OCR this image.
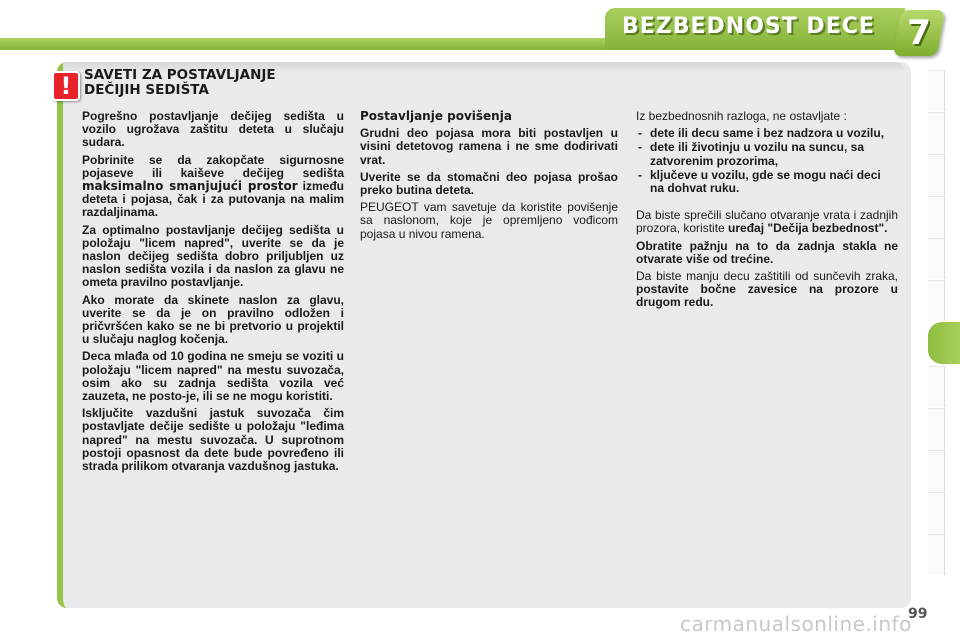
BEZBEDNOST DECE 7
! SAVETI ZA POSTAVLJANJE
DEČIJIH SEDIŠTA

Pogrešno postavljanje dečijeg sedišta u vozilo ugrožava zaštitu deteta u slučaju sudara.

Pobrinite se da zakopčate sigurnosne pojaseve ili kaiševe dečijeg sedišta maksimalno smanjujući prostor između deteta i pojasa, čak i za putovanja na malim razdaljinama.

Za optimalno postavljanje dečijeg sedišta u položaju "licem napred", uverite se da je naslon dečijeg sedišta dobro priljubljen uz naslon sedišta vozila i da naslon za glavu ne ometa pravilno postavljanje.

Ako morate da skinete naslon za glavu, uverite se da je on pravilno odložen i pričvršćen kako se ne bi pretvorio u projektil u slučaju naglog kočenja.

Deca mlađa od 10 godina ne smeju se voziti u položaju "licem napred" na mestu suvozača, osim ako su zadnja sedišta vozila već zauzeta, ne posto-je, ili se ne mogu koristiti.

Isključite vazdušni jastuk suvozača čim postavljate dečije sedište u položaju "leđima napred" na mestu suvozača. U suprotnom postoji opasnost da dete bude povređeno ili strada prilikom otvaranja vazdušnog jastuka.

Postavljanje povišenja

Grudni deo pojasa mora biti postavljen u visini detetovog ramena i ne sme dodirivati vrat.

Uverite se da stomačni deo pojasa prošao preko butina deteta.

PEUGEOT vam savetuje da koristite povišenje sa naslonom, koje je opremljeno vođicom pojasa u nivou ramena.

Iz bezbednosnih razloga, ne ostavljate :

- dete ili decu same i bez nadzora u vozilu,
- dete ili životinju u vozilu na suncu, sa zatvorenim prozorima,
- ključeve u vozilu, gde se mogu naći deci na dohvat ruku.

Da biste sprečili slučano otvaranje vrata i zadnjih prozora, koristite uređaj "Dečija bezbednost".

Obratite pažnju na to da zadnja stakla ne otvarate više od trećine.

Da biste manju decu zaštitili od sunčevih zraka, postavite bočne zavesice na prozore u drugom redu.

carmanualsonline.info
99
